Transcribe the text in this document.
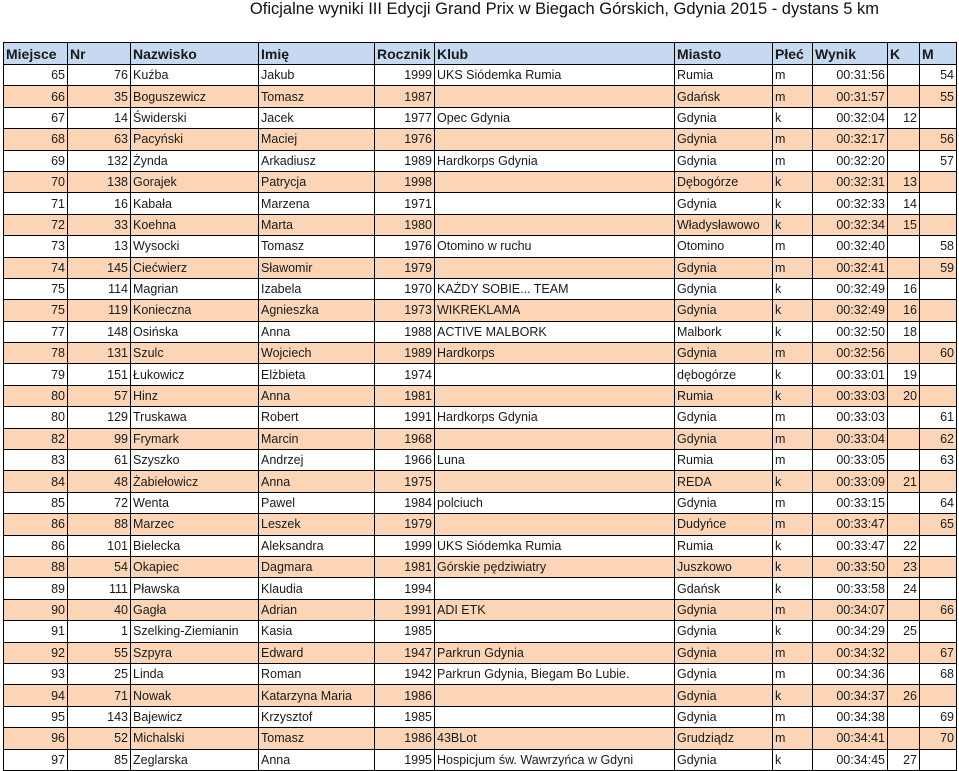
Oficjalne wyniki III Edycji Grand Prix w Biegach Górskich, Gdynia 2015 - dystans 5 km
Miejsce	Nr	Nazwisko	Imię	Rocznik	Klub	Miasto	Płeć	Wynik	K	M
65	76	Kuźba	Jakub	1999	UKS Siódemka Rumia	Rumia	m	00:31:56		54
66	35	Boguszewicz	Tomasz	1987		Gdańsk	m	00:31:57		55
67	14	Świderski	Jacek	1977	Opec Gdynia	Gdynia	k	00:32:04	12	
68	63	Pacyński	Maciej	1976		Gdynia	m	00:32:17		56
69	132	Żynda	Arkadiusz	1989	Hardkorps Gdynia	Gdynia	m	00:32:20		57
70	138	Gorajek	Patrycja	1998		Dębogórze	k	00:32:31	13	
71	16	Kabała	Marzena	1971		Gdynia	k	00:32:33	14	
72	33	Koehna	Marta	1980		Władysławowo	k	00:32:34	15	
73	13	Wysocki	Tomasz	1976	Otomino w ruchu	Otomino	m	00:32:40		58
74	145	Ciećwierz	Sławomir	1979		Gdynia	m	00:32:41		59
75	114	Magrian	Izabela	1970	KAŻDY SOBIE... TEAM	Gdynia	k	00:32:49	16	
75	119	Konieczna	Agnieszka	1973	WIKREKLAMA	Gdynia	k	00:32:49	16	
77	148	Osińska	Anna	1988	ACTIVE MALBORK	Malbork	k	00:32:50	18	
78	131	Szulc	Wojciech	1989	Hardkorps	Gdynia	m	00:32:56		60
79	151	Łukowicz	Elżbieta	1974		dębogórze	k	00:33:01	19	
80	57	Hinz	Anna	1981		Rumia	k	00:33:03	20	
80	129	Truskawa	Robert	1991	Hardkorps Gdynia	Gdynia	m	00:33:03		61
82	99	Frymark	Marcin	1968		Gdynia	m	00:33:04		62
83	61	Szyszko	Andrzej	1966	Luna	Rumia	m	00:33:05		63
84	48	Żabiełowicz	Anna	1975		REDA	k	00:33:09	21	
85	72	Wenta	Pawel	1984	polciuch	Gdynia	m	00:33:15		64
86	88	Marzec	Leszek	1979		Dudyńce	m	00:33:47		65
86	101	Bielecka	Aleksandra	1999	UKS Siódemka Rumia	Rumia	k	00:33:47	22	
88	54	Okapiec	Dagmara	1981	Górskie pędziwiatry	Juszkowo	k	00:33:50	23	
89	111	Pławska	Klaudia	1994		Gdańsk	k	00:33:58	24	
90	40	Gagła	Adrian	1991	ADI ETK	Gdynia	m	00:34:07		66
91	1	Szelking-Ziemianin	Kasia	1985		Gdynia	k	00:34:29	25	
92	55	Szpyra	Edward	1947	Parkrun Gdynia	Gdynia	m	00:34:32		67
93	25	Linda	Roman	1942	Parkrun Gdynia, Biegam Bo Lubie.	Gdynia	m	00:34:36		68
94	71	Nowak	Katarzyna Maria	1986		Gdynia	k	00:34:37	26	
95	143	Bajewicz	Krzysztof	1985		Gdynia	m	00:34:38		69
96	52	Michalski	Tomasz	1986	43BLot	Grudziądz	m	00:34:41		70
97	85	Zeglarska	Anna	1995	Hospicjum św. Wawrzyńca w Gdyni	Gdynia	k	00:34:45	27	
